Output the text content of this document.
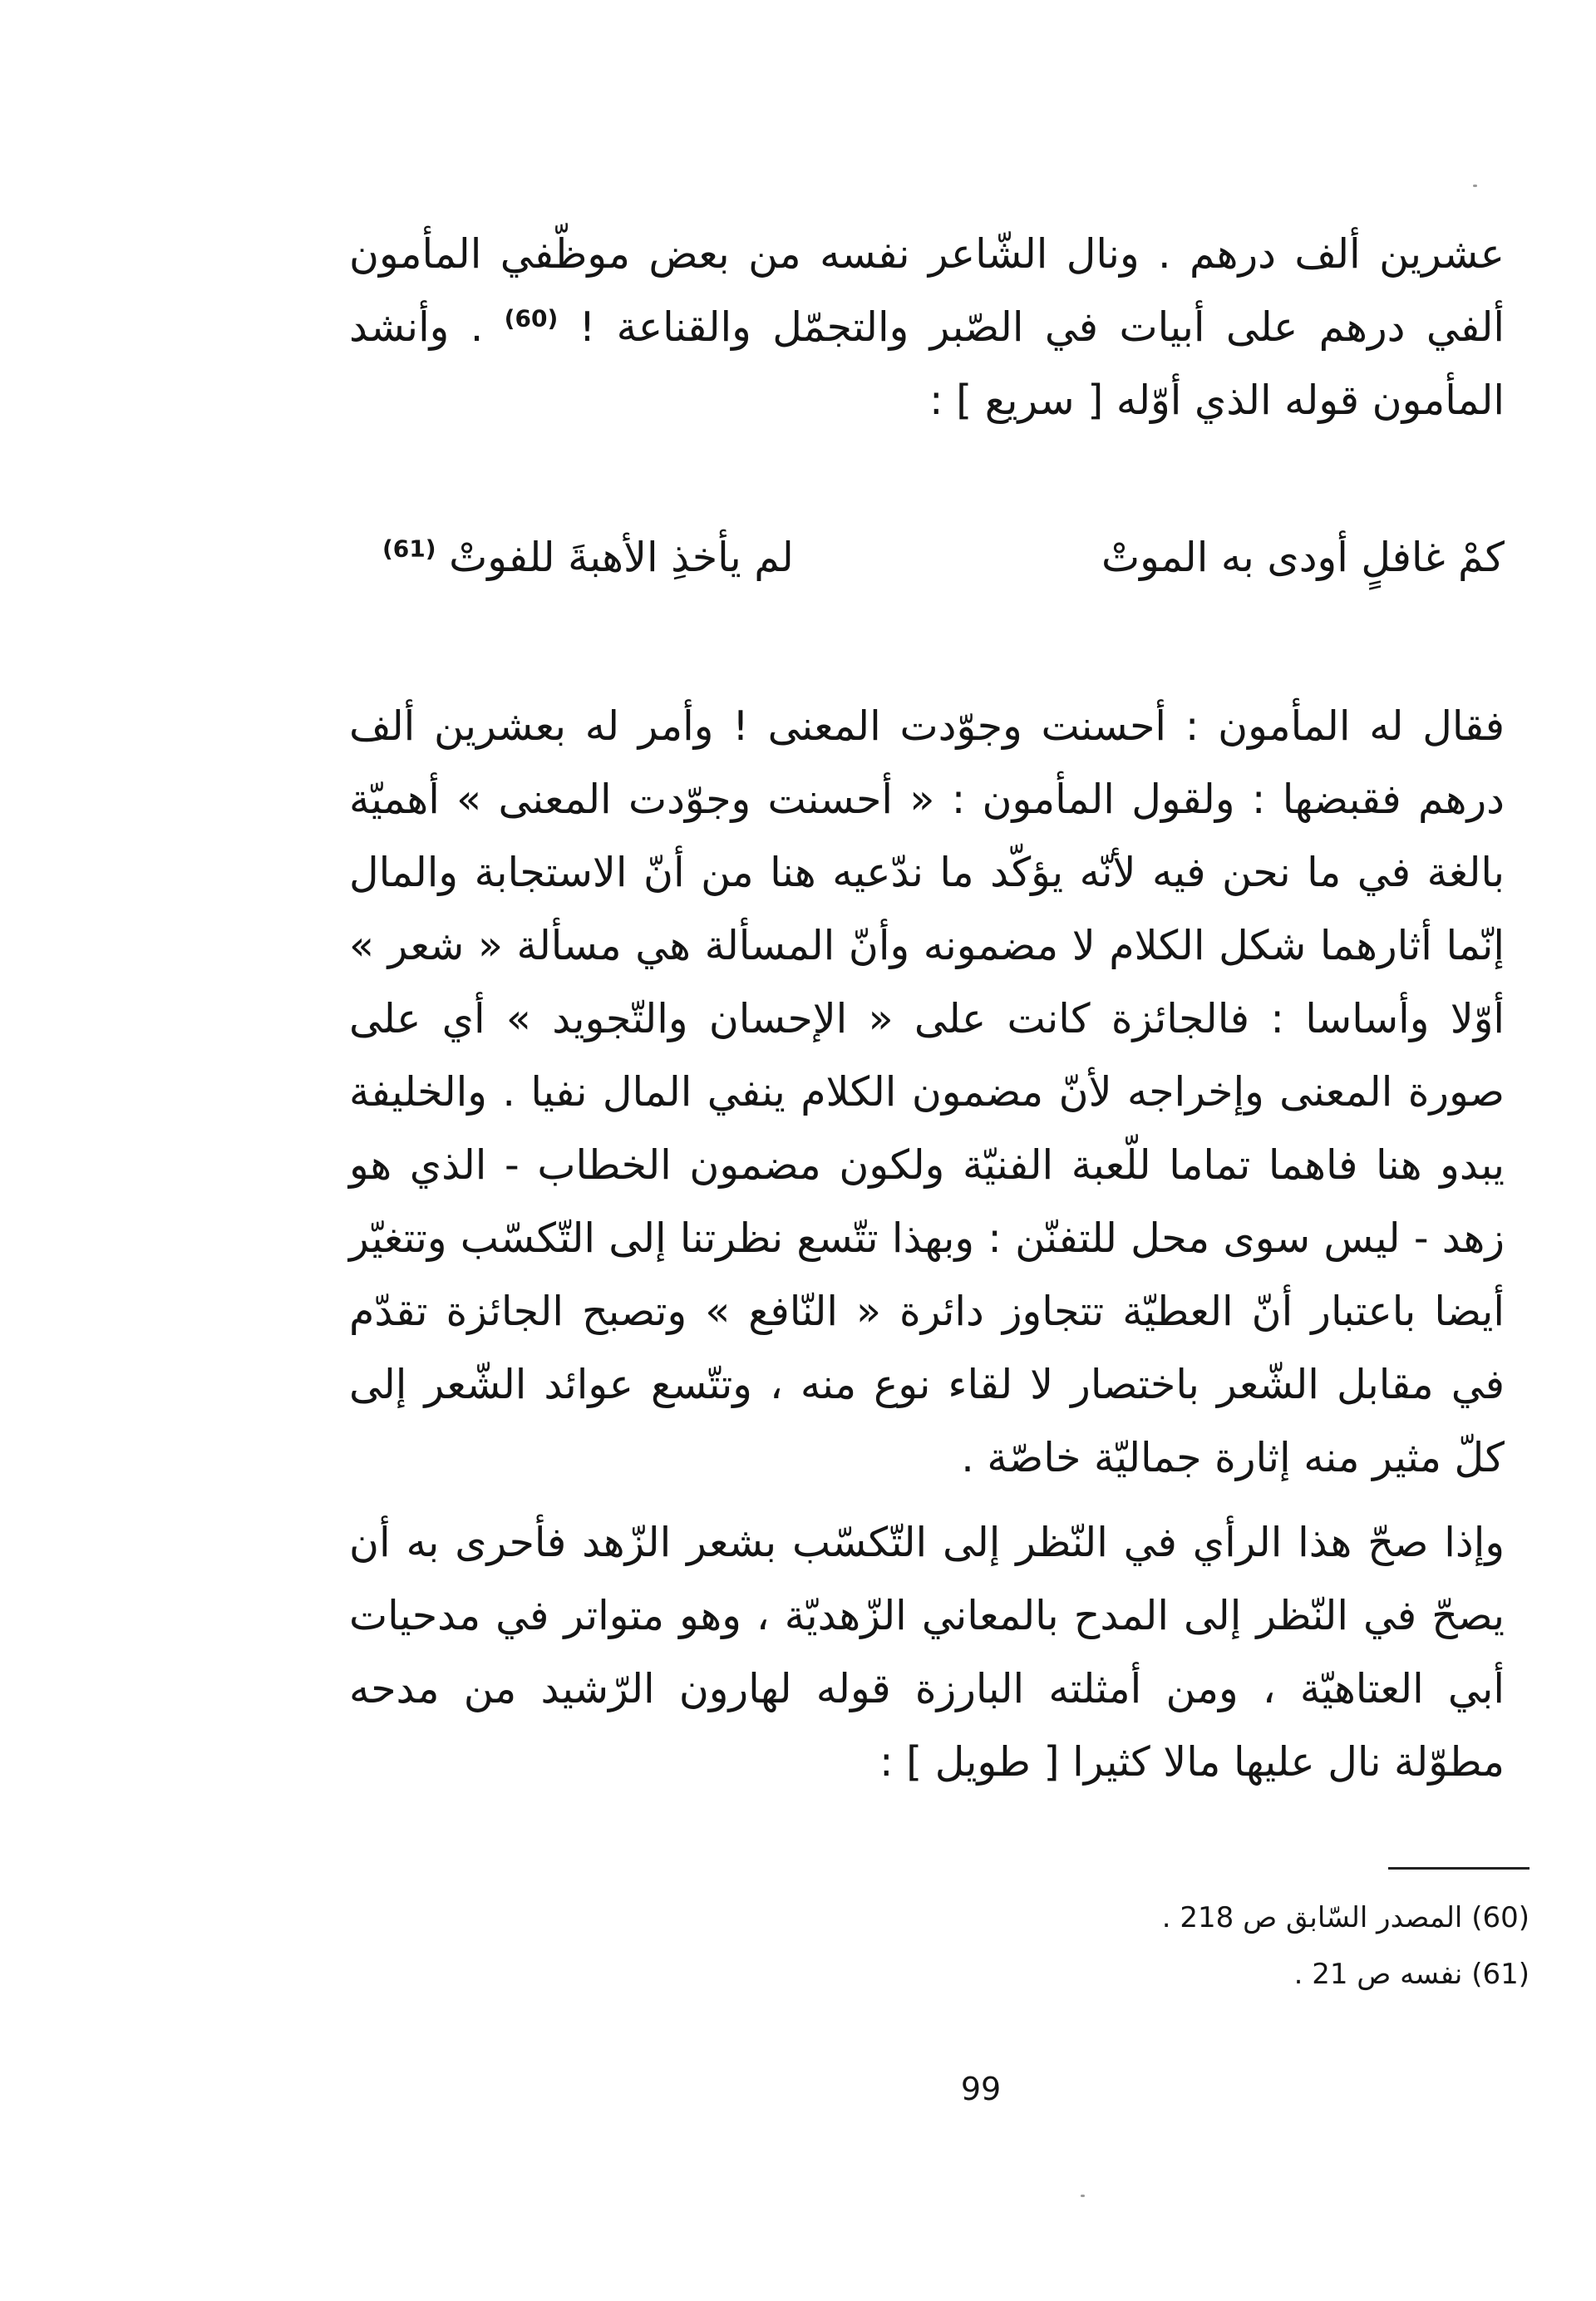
عشرين ألف درهم . ونال الشّاعر نفسه من بعض موظّفي المأمون ألفي درهم على أبيات في الصّبر والتجمّل والقناعة ! $^{(60)}$ . وأنشد المأمون قوله الذي أوّله [ سريع ] :

كمْ غافلٍ أودى به الموتْ
لم يأخذِ الأهبةَ للفوتْ $^{(61)}$

فقال له المأمون : أحسنت وجوّدت المعنى ! وأمر له بعشرين ألف درهم فقبضها : ولقول المأمون : « أحسنت وجوّدت المعنى » أهميّة بالغة في ما نحن فيه لأنّه يؤكّد ما ندّعيه هنا من أنّ الاستجابة والمال إنّما أثارهما شكل الكلام لا مضمونه وأنّ المسألة هي مسألة « شعر » أوّلا وأساسا : فالجائزة كانت على « الإحسان والتّجويد » أي على صورة المعنى وإخراجه لأنّ مضمون الكلام ينفي المال نفيا . والخليفة يبدو هنا فاهما تماما للّعبة الفنيّة ولكون مضمون الخطاب - الذي هو زهد - ليس سوى محل للتفنّن : وبهذا تتّسع نظرتنا إلى التّكسّب وتتغيّر أيضا باعتبار أنّ العطيّة تتجاوز دائرة « النّافع » وتصبح الجائزة تقدّم في مقابل الشّعر باختصار لا لقاء نوع منه ، وتتّسع عوائد الشّعر إلى كلّ مثير منه إثارة جماليّة خاصّة .

وإذا صحّ هذا الرأي في النّظر إلى التّكسّب بشعر الزّهد فأحرى به أن يصحّ في النّظر إلى المدح بالمعاني الزّهديّة ، وهو متواتر في مدحيات أبي العتاهيّة ، ومن أمثلته البارزة قوله لهارون الرّشيد من مدحه مطوّلة نال عليها مالا كثيرا [ طويل ] :

(60) المصدر السّابق ص 218 .
(61) نفسه ص 21 .
99
